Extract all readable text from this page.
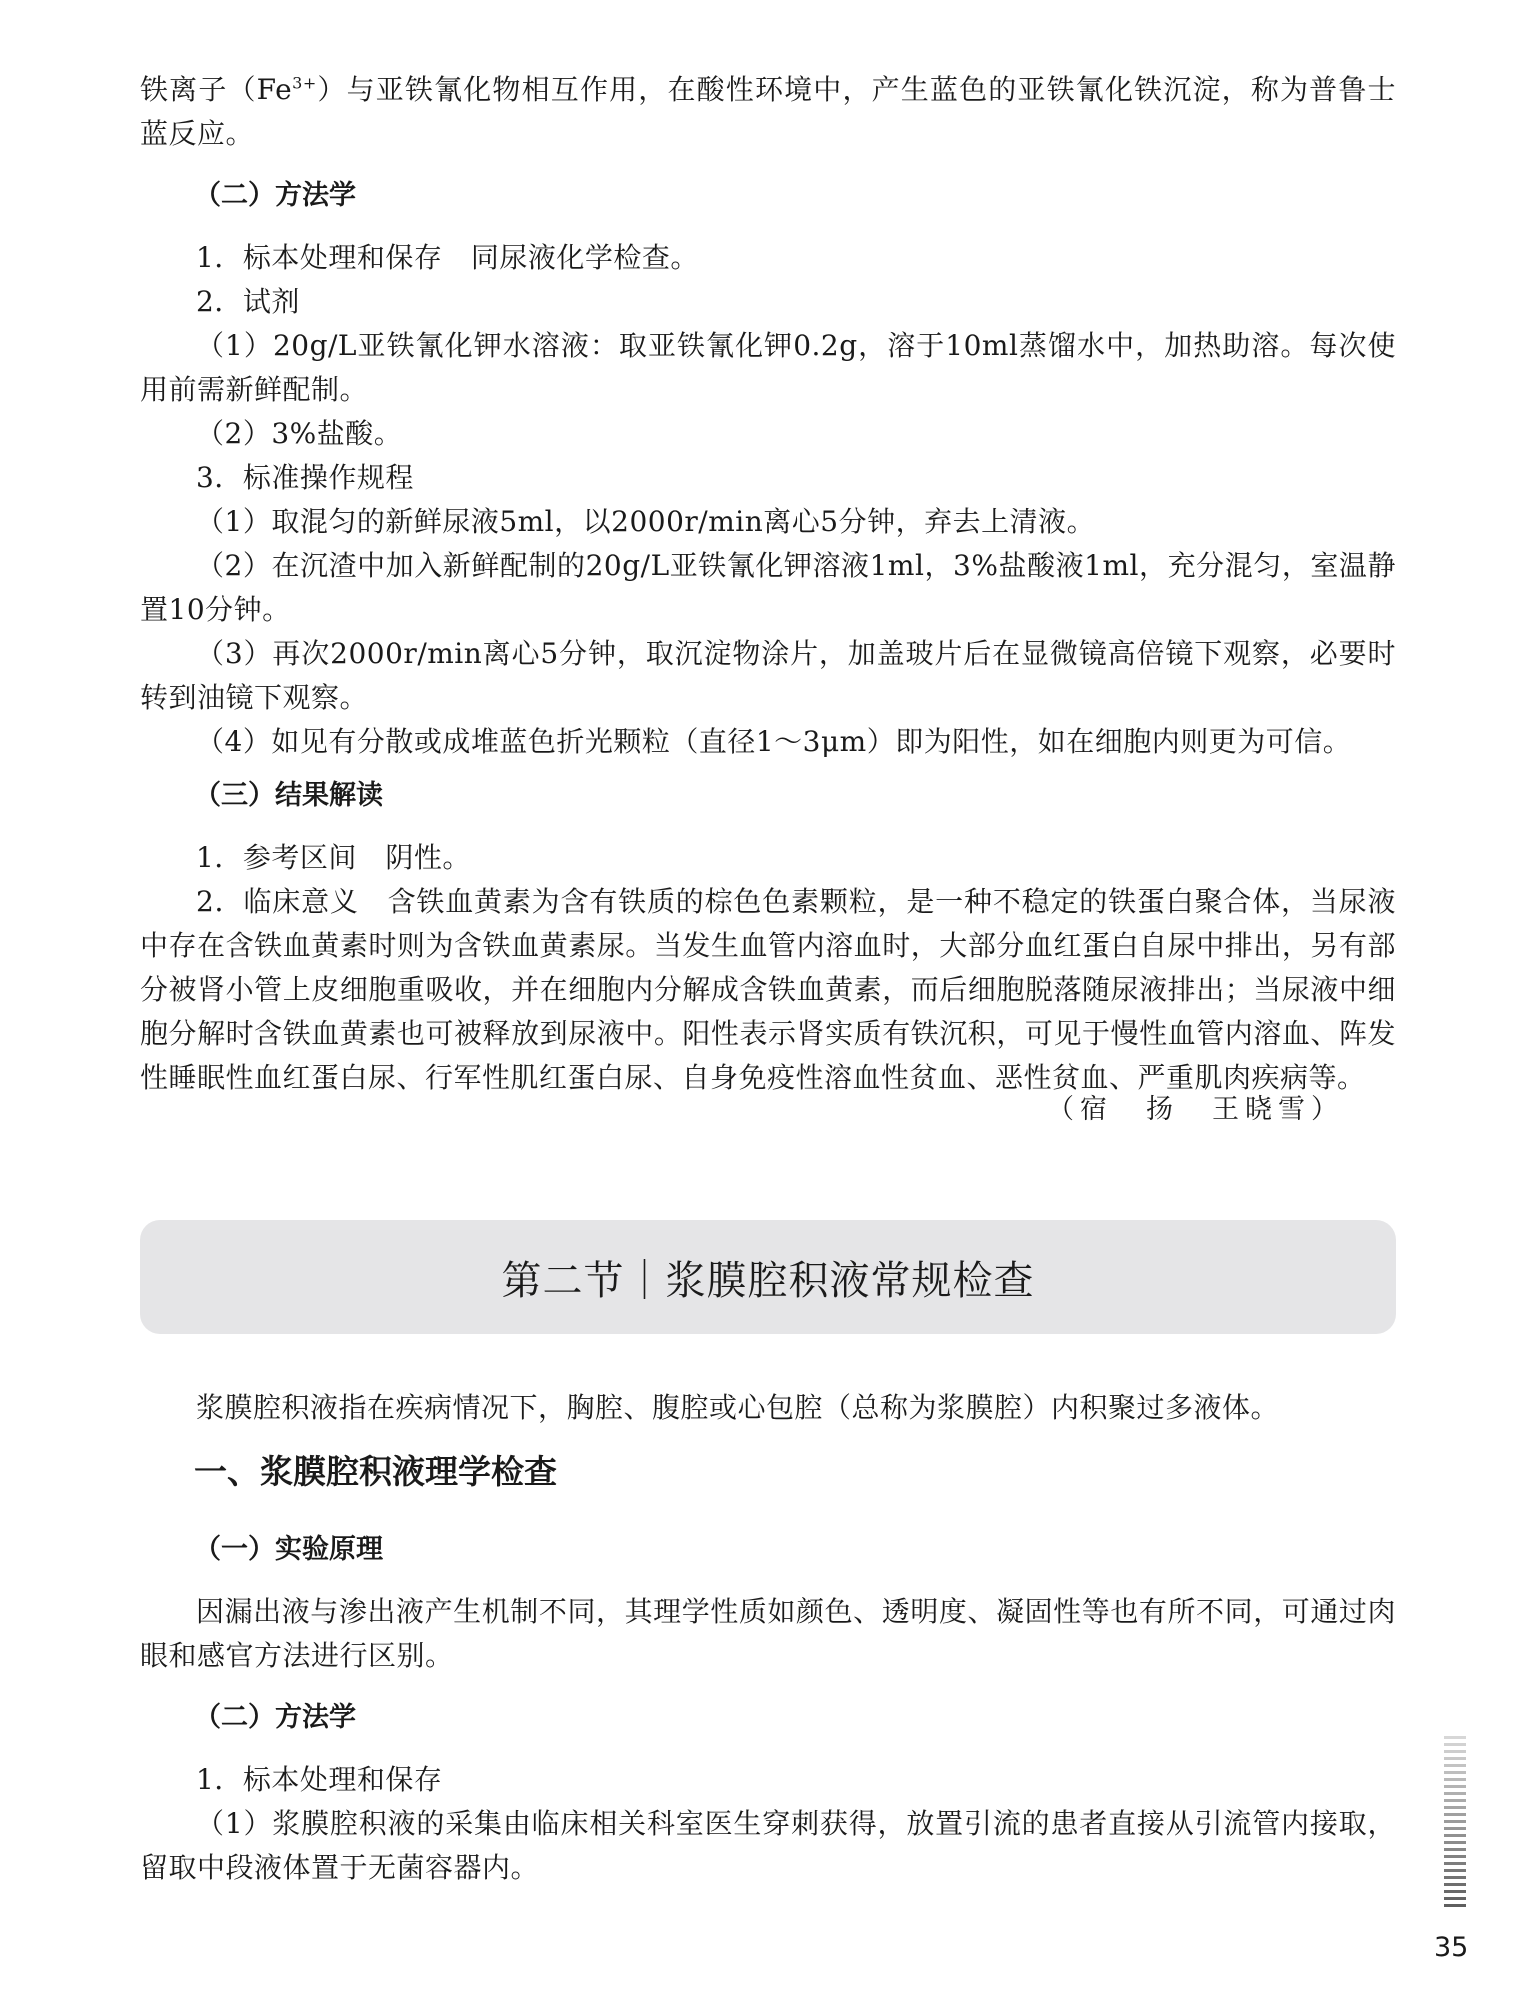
铁离子$(Fe^{3+})$与亚铁氰化物相互作用，在酸性环境中，产生蓝色的亚铁氰化铁沉淀，称为普鲁士蓝反应。

（二）方法学

1．标本处理和保存　同尿液化学检查。

2．试剂

（1）20g/L亚铁氰化钾水溶液：取亚铁氰化钾0.2g，溶于10ml蒸馏水中，加热助溶。每次使用前需新鲜配制。

（2）3%盐酸。

3．标准操作规程

（1）取混匀的新鲜尿液5ml，以2000r/min离心5分钟，弃去上清液。

（2）在沉渣中加入新鲜配制的20g/L亚铁氰化钾溶液1ml，3%盐酸液1ml，充分混匀，室温静置10分钟。

（3）再次2000r/min离心5分钟，取沉淀物涂片，加盖玻片后在显微镜高倍镜下观察，必要时转到油镜下观察。

（4）如见有分散或成堆蓝色折光颗粒（直径1～3μm）即为阳性，如在细胞内则更为可信。

（三）结果解读

1．参考区间　阴性。

2．临床意义　含铁血黄素为含有铁质的棕色色素颗粒，是一种不稳定的铁蛋白聚合体，当尿液中存在含铁血黄素时则为含铁血黄素尿。当发生血管内溶血时，大部分血红蛋白自尿中排出，另有部分被肾小管上皮细胞重吸收，并在细胞内分解成含铁血黄素，而后细胞脱落随尿液排出；当尿液中细胞分解时含铁血黄素也可被释放到尿液中。阳性表示肾实质有铁沉积，可见于慢性血管内溶血、阵发性睡眠性血红蛋白尿、行军性肌红蛋白尿、自身免疫性溶血性贫血、恶性贫血、严重肌肉疾病等。

（宿　扬　王晓雪）

第二节｜浆膜腔积液常规检查

浆膜腔积液指在疾病情况下，胸腔、腹腔或心包腔（总称为浆膜腔）内积聚过多液体。

一、浆膜腔积液理学检查
（一）实验原理

因漏出液与渗出液产生机制不同，其理学性质如颜色、透明度、凝固性等也有所不同，可通过肉眼和感官方法进行区别。

（二）方法学

1．标本处理和保存

（1）浆膜腔积液的采集由临床相关科室医生穿刺获得，放置引流的患者直接从引流管内接取，留取中段液体置于无菌容器内。

35
